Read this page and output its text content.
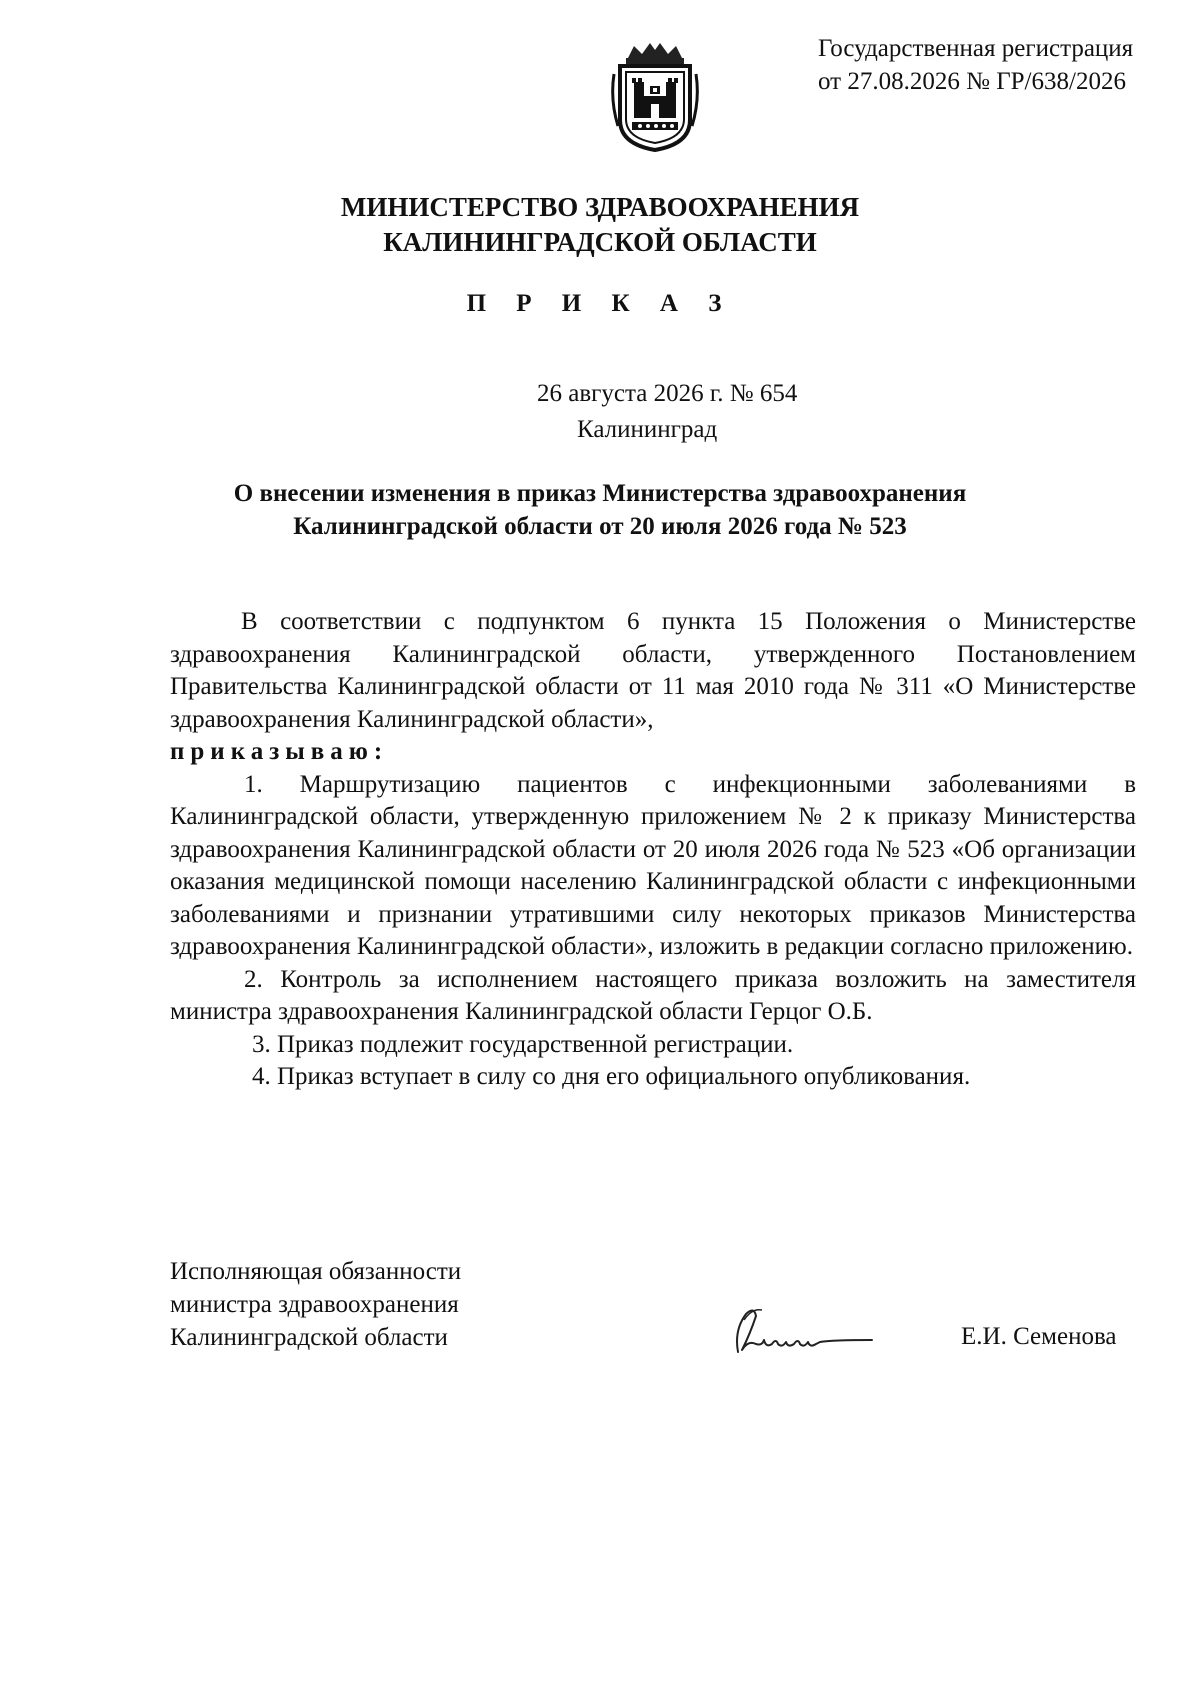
Государственная регистрация
от 27.08.2026 № ГР/638/2026
МИНИСТЕРСТВО ЗДРАВООХРАНЕНИЯ
КАЛИНИНГРАДСКОЙ ОБЛАСТИ
П Р И К А З
26 августа 2026 г. № 654
Калининград
О внесении изменения в приказ Министерства здравоохранения
Калининградской области от 20 июля 2026 года № 523

В соответствии с подпунктом 6 пункта 15 Положения о Министерстве здравоохранения Калининградской области, утвержденного Постановлением Правительства Калининградской области от 11 мая 2010 года № 311 «О Министерстве здравоохранения Калининградской области»,

приказываю:

1. Маршрутизацию пациентов с инфекционными заболеваниями в Калининградской области, утвержденную приложением № 2 к приказу Министерства здравоохранения Калининградской области от 20 июля 2026 года № 523 «Об организации оказания медицинской помощи населению Калининградской области с инфекционными заболеваниями и признании утратившими силу некоторых приказов Министерства здравоохранения Калининградской области», изложить в редакции согласно приложению.

2. Контроль за исполнением настоящего приказа возложить на заместителя министра здравоохранения Калининградской области Герцог О.Б.

3. Приказ подлежит государственной регистрации.

4. Приказ вступает в силу со дня его официального опубликования.

Исполняющая обязанности
министра здравоохранения
Калининградской области	Е.И. Семенова
